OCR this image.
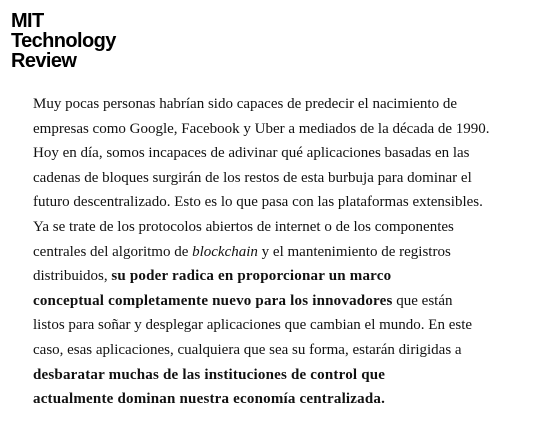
MIT
Technology
Review
Muy pocas personas habrían sido capaces de predecir el nacimiento de
empresas como Google, Facebook y Uber a mediados de la década de 1990.
Hoy en día, somos incapaces de adivinar qué aplicaciones basadas en las
cadenas de bloques surgirán de los restos de esta burbuja para dominar el
futuro descentralizado. Esto es lo que pasa con las plataformas extensibles.
Ya se trate de los protocolos abiertos de internet o de los componentes
centrales del algoritmo de blockchain y el mantenimiento de registros
distribuidos, su poder radica en proporcionar un marco
conceptual completamente nuevo para los innovadores que están
listos para soñar y desplegar aplicaciones que cambian el mundo. En este
caso, esas aplicaciones, cualquiera que sea su forma, estarán dirigidas a
desbaratar muchas de las instituciones de control que
actualmente dominan nuestra economía centralizada.
